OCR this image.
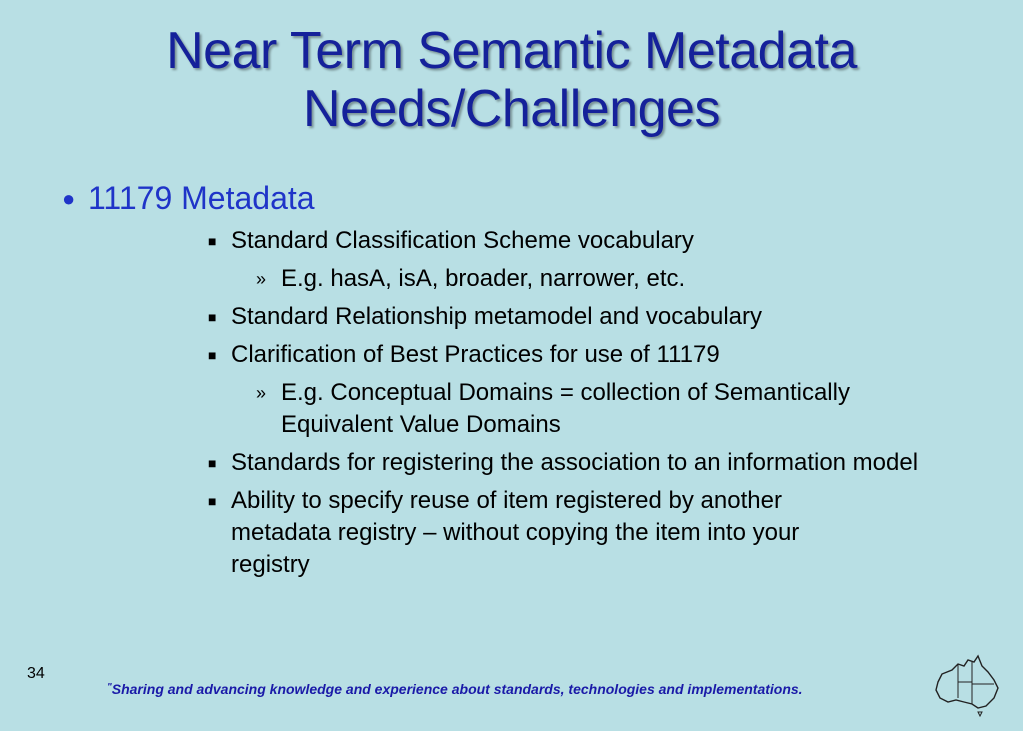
Near Term Semantic Metadata
Needs/Challenges
● 11179 Metadata
■ Standard Classification Scheme vocabulary
» E.g. hasA, isA, broader, narrower, etc.
■ Standard Relationship metamodel and vocabulary
■ Clarification of Best Practices for use of 11179
» E.g. Conceptual Domains = collection of Semantically Equivalent Value Domains
■ Standards for registering the association to an information model
■ Ability to specify reuse of item registered by another metadata registry – without copying the item into your registry
34
"Sharing and advancing knowledge and experience about standards, technologies and implementations.
